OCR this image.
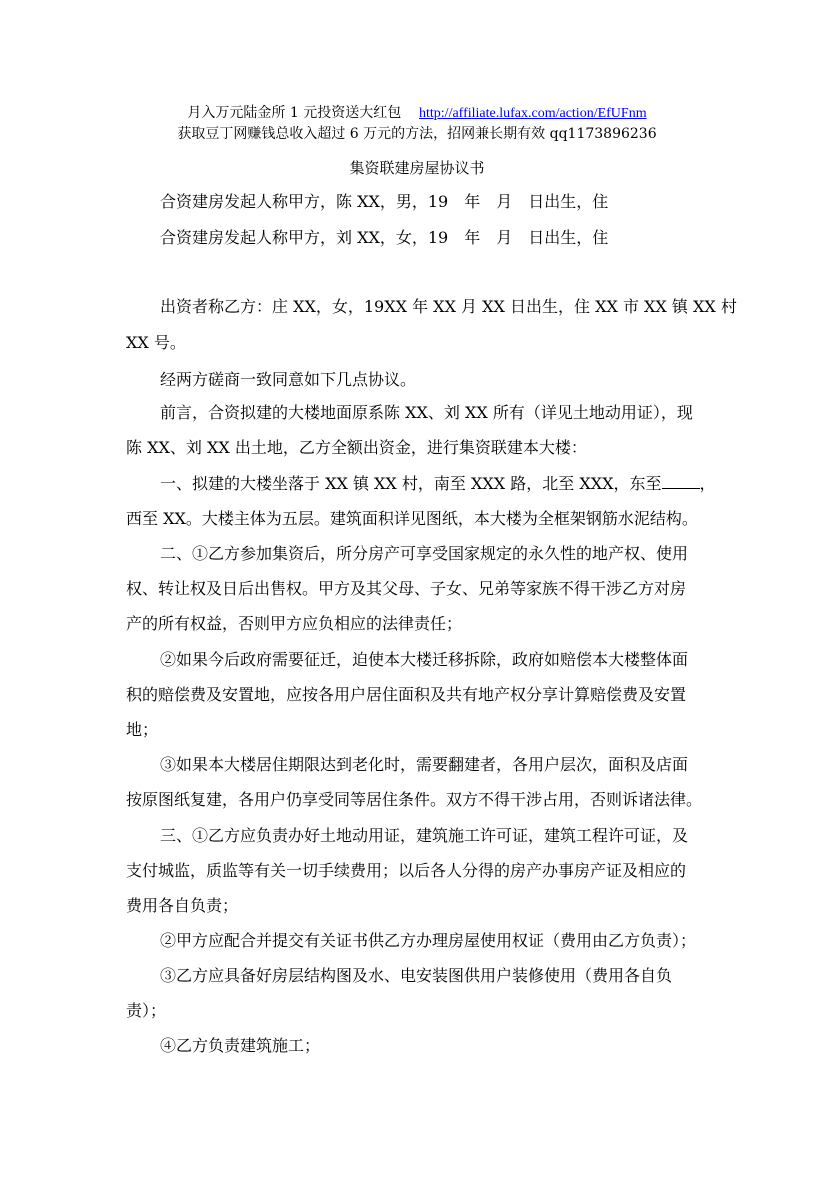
月入万元陆金所 1 元投资送大红包 http://affiliate.lufax.com/action/EfUFnm
获取豆丁网赚钱总收入超过 6 万元的方法，招网兼长期有效 qq1173896236
集资联建房屋协议书
合资建房发起人称甲方，陈 XX，男，19　年　月　日出生，住
合资建房发起人称甲方，刘 XX，女，19　年　月　日出生，住
出资者称乙方：庄 XX，女，19XX 年 XX 月 XX 日出生，住 XX 市 XX 镇 XX 村
XX 号。
经两方磋商一致同意如下几点协议。
前言，合资拟建的大楼地面原系陈 XX、刘 XX 所有（详见土地动用证），现
陈 XX、刘 XX 出土地，乙方全额出资金，进行集资联建本大楼：
一、拟建的大楼坐落于 XX 镇 XX 村，南至 XXX 路，北至 XXX，东至 ，
西至 XX。大楼主体为五层。建筑面积详见图纸，本大楼为全框架钢筋水泥结构。
二、①乙方参加集资后，所分房产可享受国家规定的永久性的地产权、使用
权、转让权及日后出售权。甲方及其父母、子女、兄弟等家族不得干涉乙方对房
产的所有权益，否则甲方应负相应的法律责任；
②如果今后政府需要征迁，迫使本大楼迁移拆除，政府如赔偿本大楼整体面
积的赔偿费及安置地，应按各用户居住面积及共有地产权分享计算赔偿费及安置
地；
③如果本大楼居住期限达到老化时，需要翻建者，各用户层次，面积及店面
按原图纸复建，各用户仍享受同等居住条件。双方不得干涉占用，否则诉诸法律。
三、①乙方应负责办好土地动用证，建筑施工许可证，建筑工程许可证，及
支付城监，质监等有关一切手续费用；以后各人分得的房产办事房产证及相应的
费用各自负责；
②甲方应配合并提交有关证书供乙方办理房屋使用权证（费用由乙方负责）；
③乙方应具备好房层结构图及水、电安装图供用户装修使用（费用各自负
责）；
④乙方负责建筑施工；
